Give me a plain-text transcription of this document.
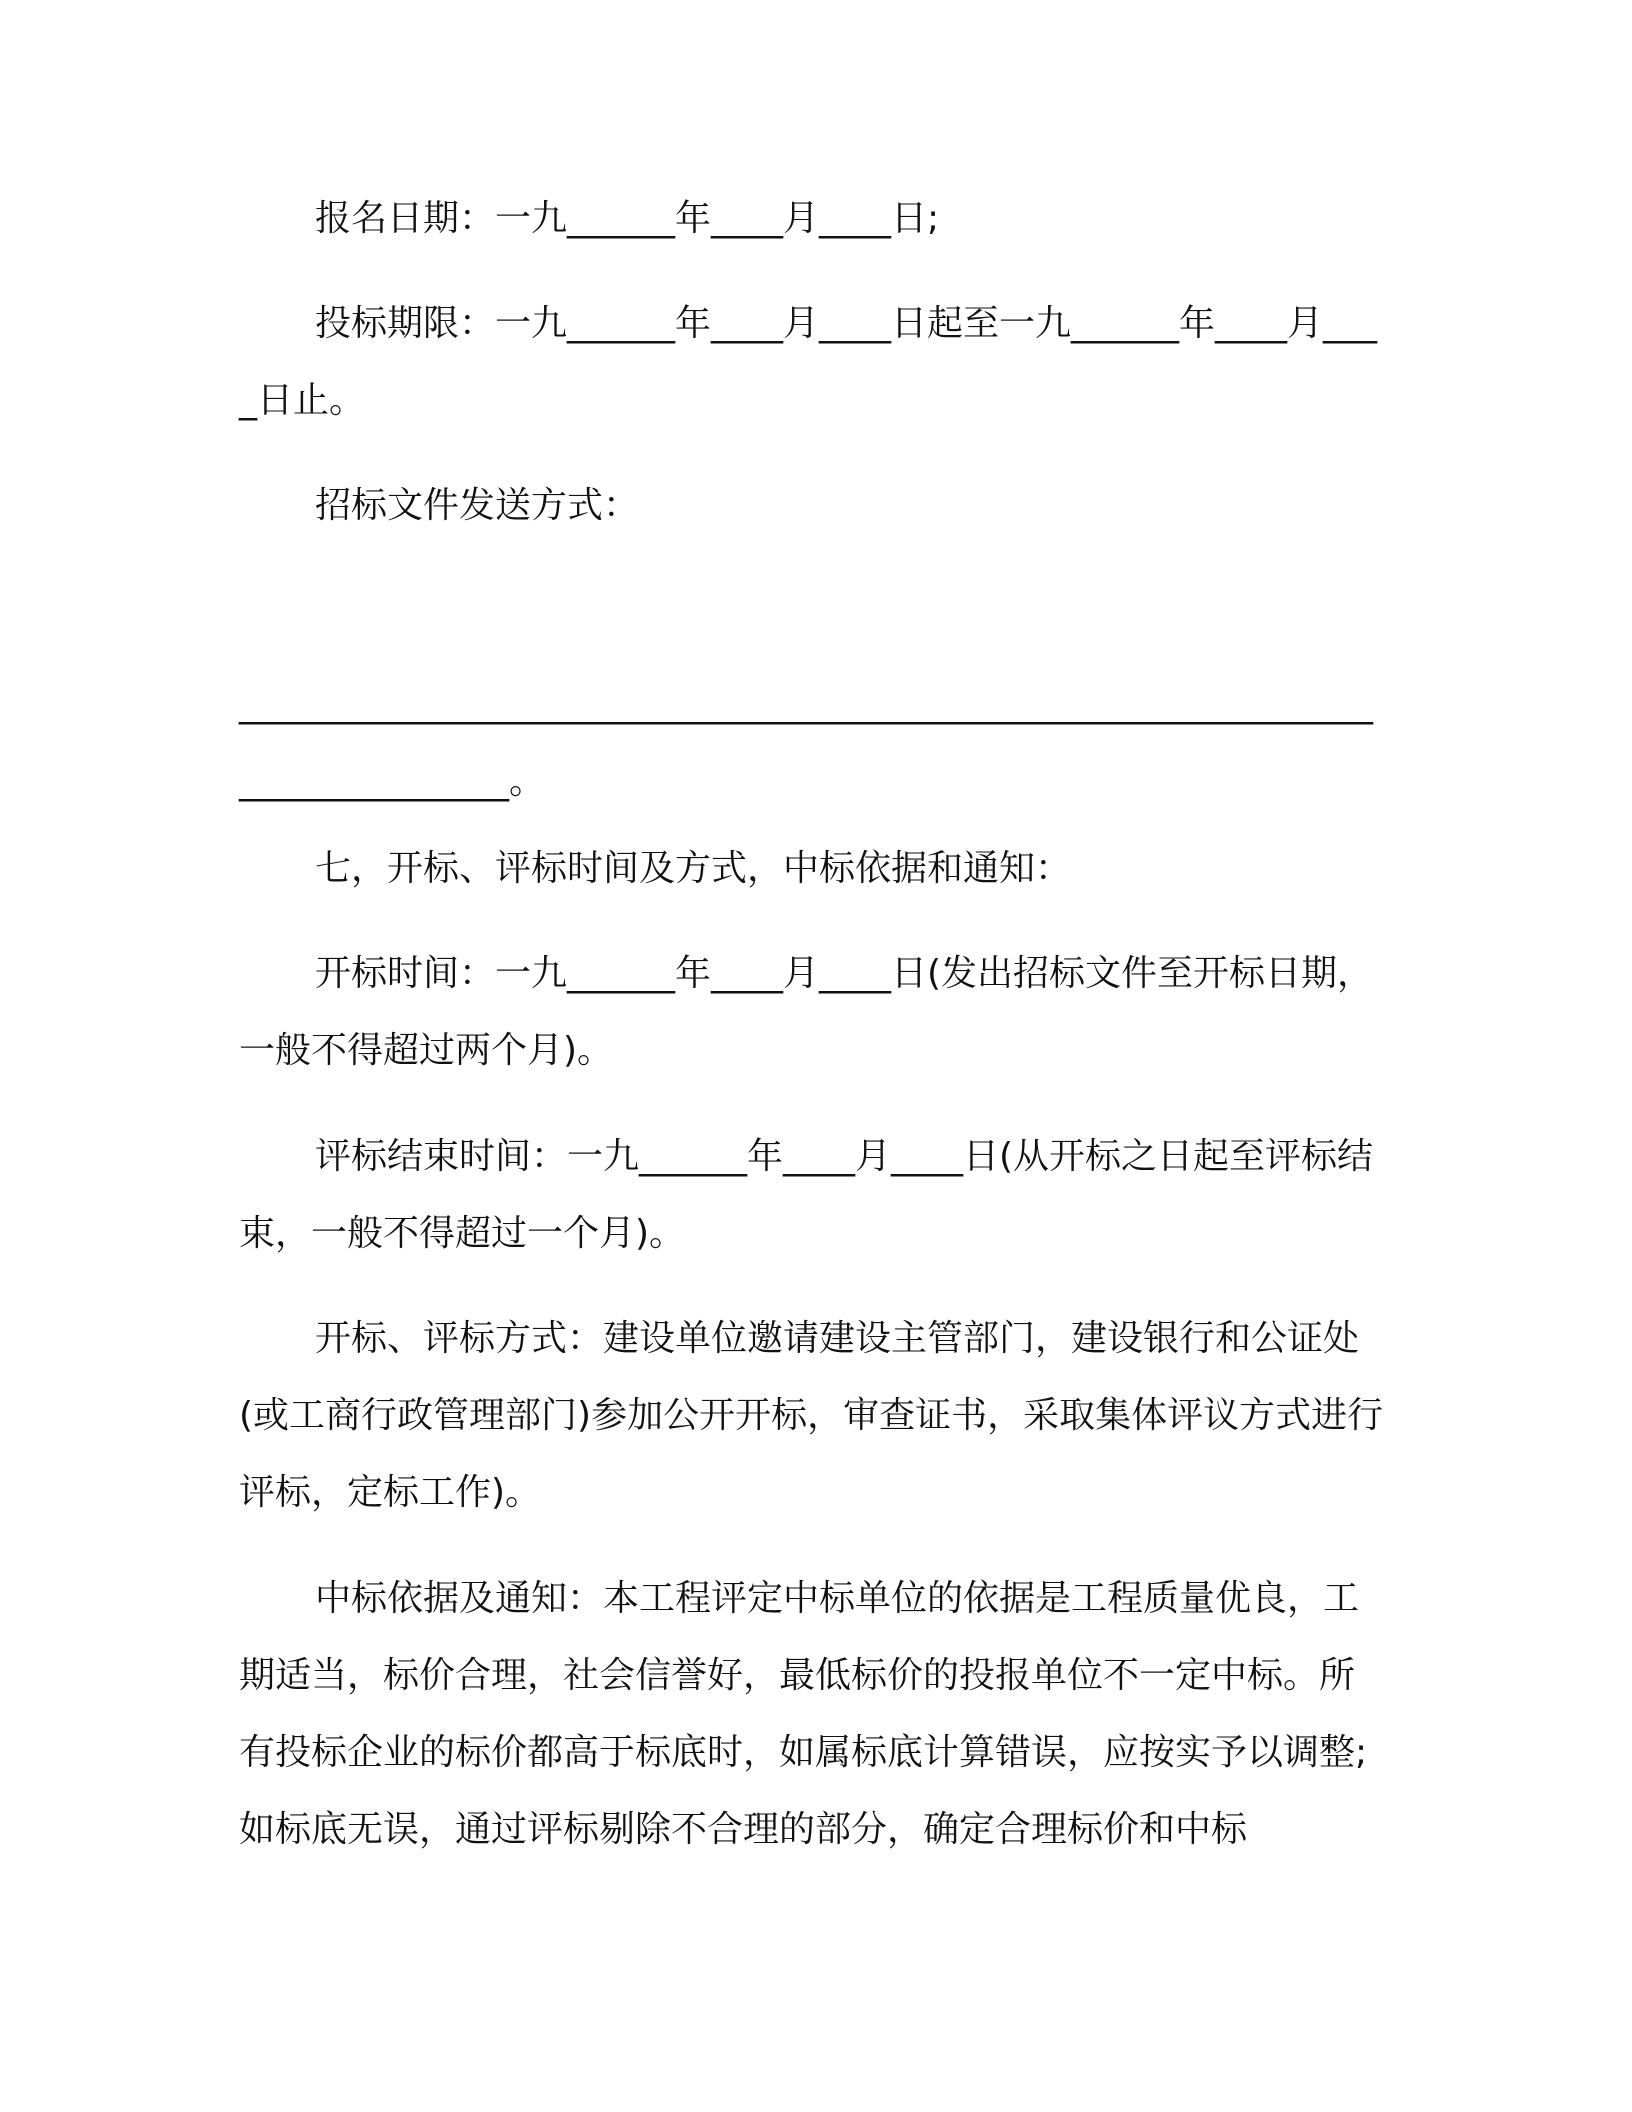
报名日期：一九______年____月____日;

投标期限：一九______年____月____日起至一九______年____月____日止。

招标文件发送方式：

______________________________________________________________________________。

七，开标、评标时间及方式，中标依据和通知：

开标时间：一九______年____月____日(发出招标文件至开标日期，一般不得超过两个月)。

评标结束时间：一九______年____月____日(从开标之日起至评标结束，一般不得超过一个月)。

开标、评标方式：建设单位邀请建设主管部门，建设银行和公证处(或工商行政管理部门)参加公开开标，审查证书，采取集体评议方式进行评标，定标工作)。

中标依据及通知：本工程评定中标单位的依据是工程质量优良，工期适当，标价合理，社会信誉好，最低标价的投报单位不一定中标。所有投标企业的标价都高于标底时，如属标底计算错误，应按实予以调整;如标底无误，通过评标剔除不合理的部分，确定合理标价和中标
